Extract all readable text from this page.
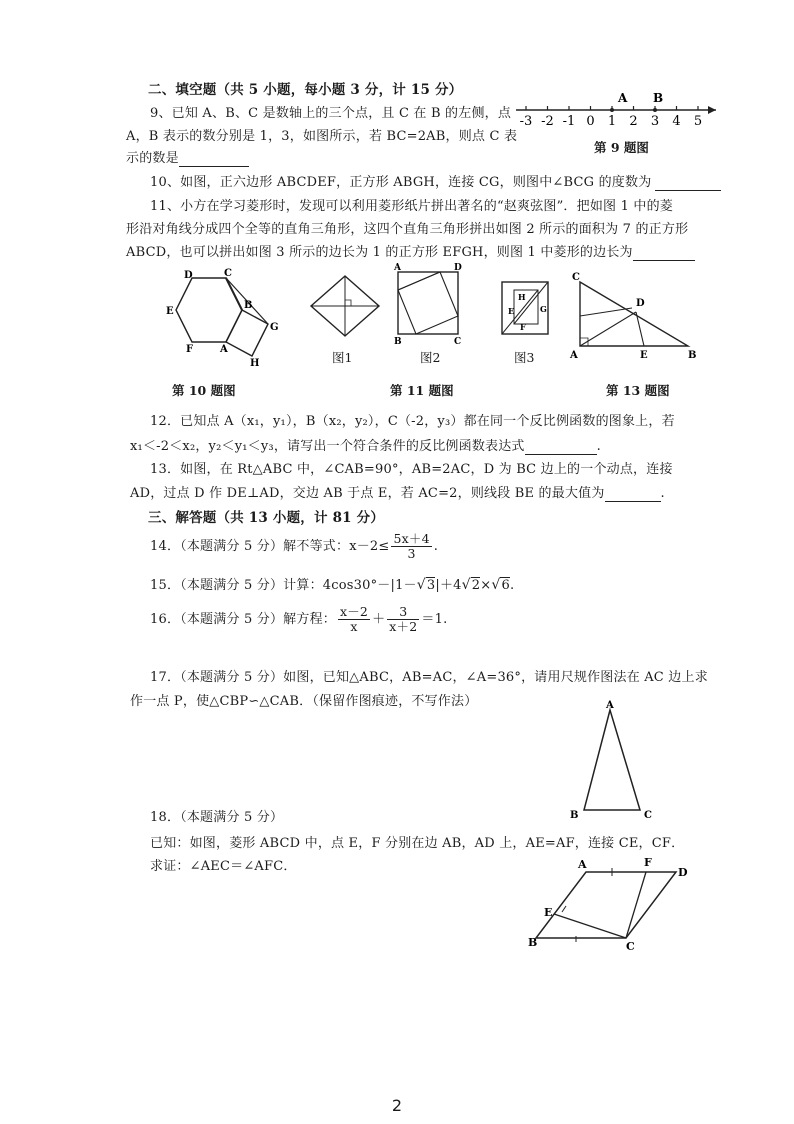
二、填空题（共 5 小题，每小题 3 分，计 15 分）
9、已知 A、B、C 是数轴上的三个点，且 C 在 B 的左侧，点
A，B 表示的数分别是 1，3，如图所示，若 BC=2AB，则点 C 表
示的数是
-3 -2 -1 0 1 2 3 4 5
A B
第 9 题图
10、如图，正六边形 ABCDEF，正方形 ABGH，连接 CG，则图中∠BCG 的度数为
11、小方在学习菱形时，发现可以利用菱形纸片拼出著名的“赵爽弦图”．把如图 1 中的菱
形沿对角线分成四个全等的直角三角形，这四个直角三角形拼出如图 2 所示的面积为 7 的正方形
ABCD，也可以拼出如图 3 所示的边长为 1 的正方形 EFGH，则图 1 中菱形的边长为
D	C
E
B
G
F	A
H	图1
A	D
B	C
图2
H
E	G
F
图3
C
D
A	E	B
第 10 题图	第 11 题图	第 13 题图
12．已知点 A（x₁，y₁），B（x₂，y₂），C（-2，y₃）都在同一个反比例函数的图象上，若
x₁＜-2＜x₂，y₂＜y₁＜y₃，请写出一个符合条件的反比例函数表达式	.
13．如图，在 Rt△ABC 中，∠CAB=90°，AB=2AC，D 为 BC 边上的一个动点，连接
AD，过点 D 作 DE⊥AD，交边 AB 于点 E，若 AC=2，则线段 BE 的最大值为	.
三、解答题（共 13 小题，计 81 分）
14．（本题满分 5 分）解不等式：$x-2\le \frac{5x+4}{3}$ .
15．（本题满分 5 分）计算：4cos30°－|1－√3|＋4√2×√6.
16．（本题满分 5 分）解方程： $\frac{x-2}{x} + \frac{3}{x+2} =1$.
17．（本题满分 5 分）如图，已知△ABC，AB=AC，∠A=36°，请用尺规作图法在 AC 边上求
作一点 P，使△CBP∽△CAB．（保留作图痕迹，不写作法）	A
B	C
18．（本题满分 5 分）
已知：如图，菱形 ABCD 中，点 E，F 分别在边 AB，AD 上，AE=AF，连接 CE，CF．
求证：∠AEC＝∠AFC．	A	F
D
E
B	C
2
